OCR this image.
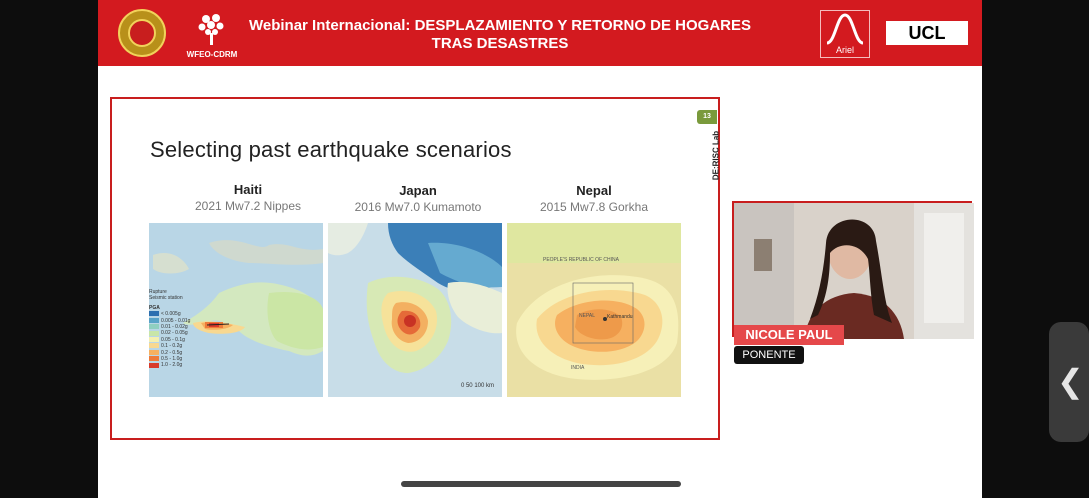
WFEO-CDRM
Webinar Internacional: DESPLAZAMIENTO Y RETORNO DE HOGARES
TRAS DESASTRES	Ariel
UCL
13
DE:RISC Lab
Selecting past earthquake scenarios
Haiti
2021 Mw7.2 Nippes
Japan
2016 Mw7.0 Kumamoto
Nepal
2015 Mw7.8 Gorkha
Rupture
Seismic station
PGA
< 0.005g
0.005 - 0.01g
0.01 - 0.02g
0.02 - 0.05g
0.05 - 0.1g
0.1 - 0.2g
0.2 - 0.5g
0.5 - 1.0g
1.0 - 2.0g
0 50 100 km
PEOPLE'S REPUBLIC OF CHINA
NEPAL Kathmandu
INDIA
NICOLE PAUL
PONENTE
❮
